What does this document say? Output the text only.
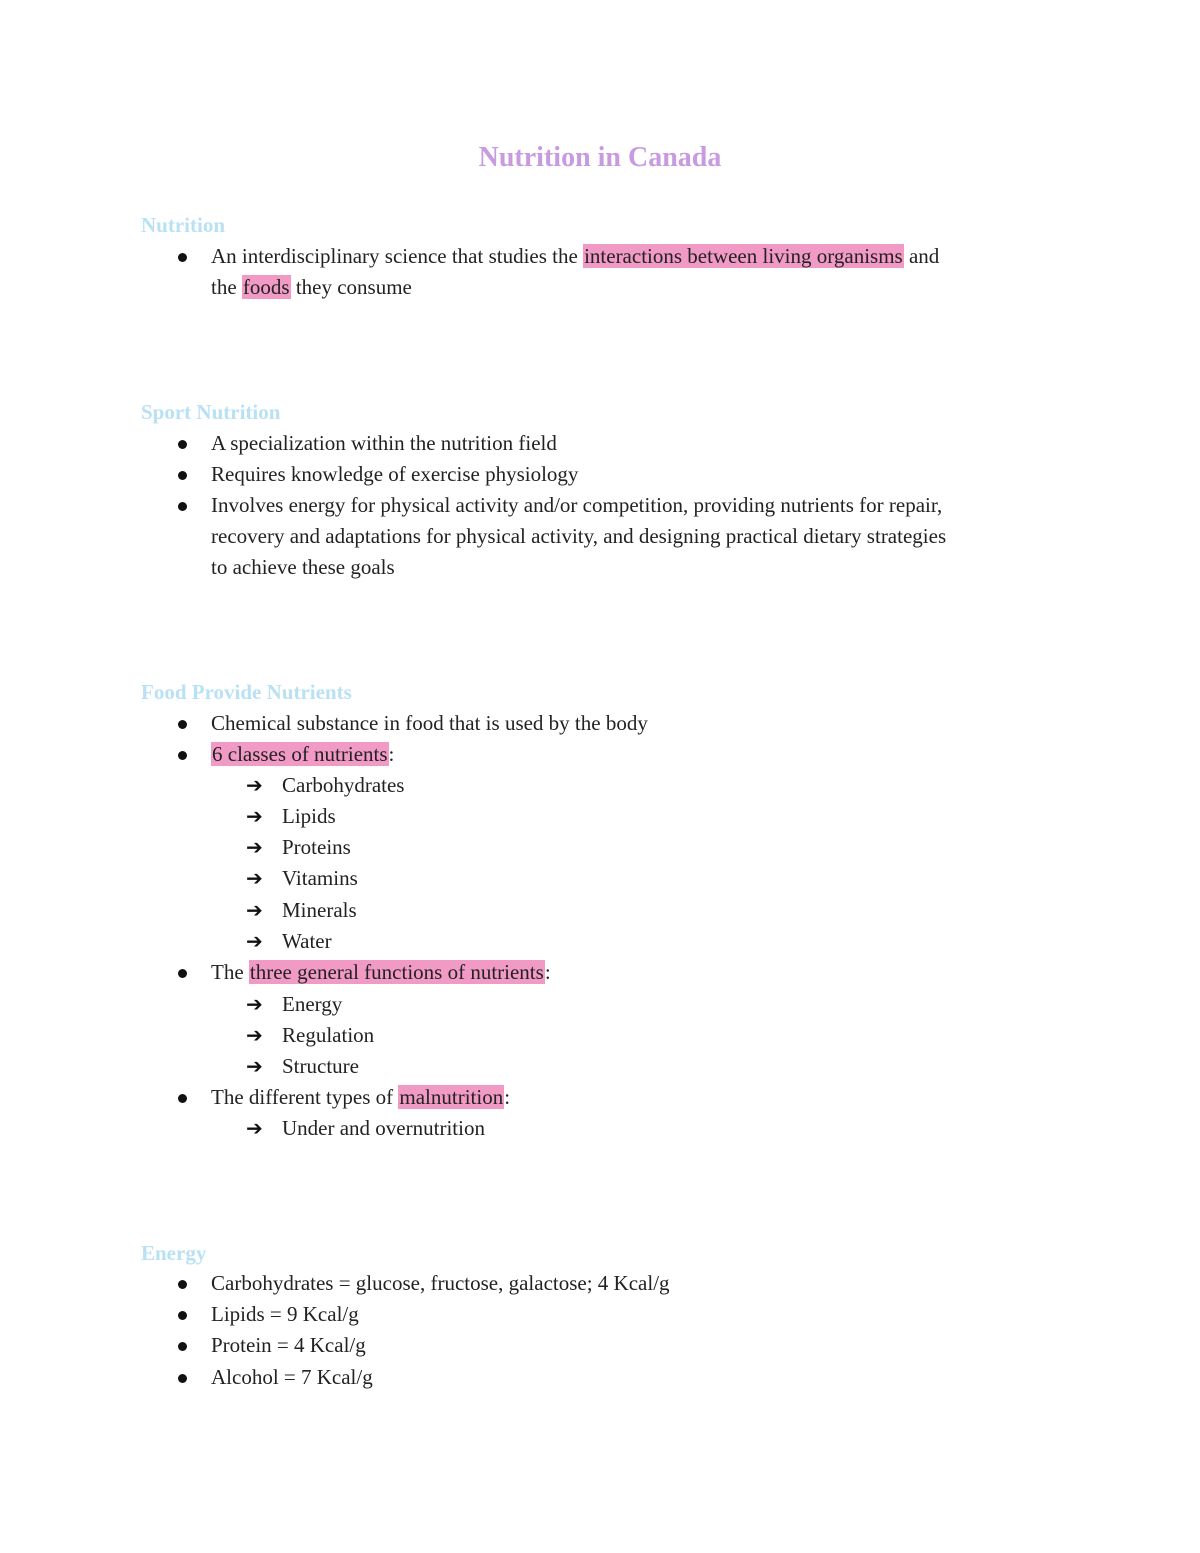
Nutrition in Canada
Nutrition
An interdisciplinary science that studies the interactions between living organisms and
the foods they consume
Sport Nutrition
A specialization within the nutrition field
Requires knowledge of exercise physiology
Involves energy for physical activity and/or competition, providing nutrients for repair,
recovery and adaptations for physical activity, and designing practical dietary strategies
to achieve these goals
Food Provide Nutrients
Chemical substance in food that is used by the body
6 classes of nutrients:
➔ Carbohydrates
➔ Lipids
➔ Proteins
➔ Vitamins
➔ Minerals
➔ Water
The three general functions of nutrients:
➔ Energy
➔ Regulation
➔ Structure
The different types of malnutrition:
➔ Under and overnutrition
Energy
Carbohydrates = glucose, fructose, galactose; 4 Kcal/g
Lipids = 9 Kcal/g
Protein = 4 Kcal/g
Alcohol = 7 Kcal/g
